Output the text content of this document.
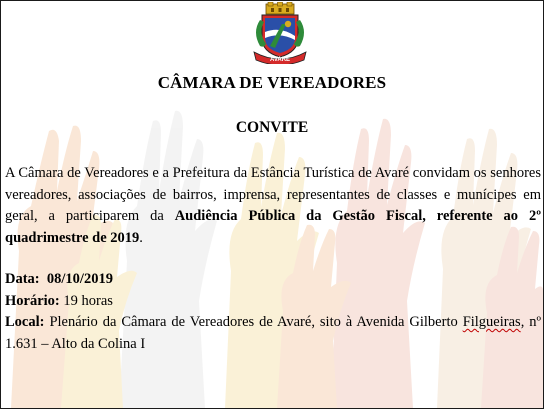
AVARÉ
CÂMARA DE VEREADORES
CONVITE
A Câmara de Vereadores e a Prefeitura da Estância Turística de Avaré convidam os senhores vereadores, associações de bairros, imprensa, representantes de classes e munícipes em geral, a participarem da Audiência Pública da Gestão Fiscal, referente ao 2º quadrimestre de 2019.
Data: 08/10/2019
Horário: 19 horas
Local: Plenário da Câmara de Vereadores de Avaré, sito à Avenida Gilberto Filgueiras, nº 1.631 – Alto da Colina I
